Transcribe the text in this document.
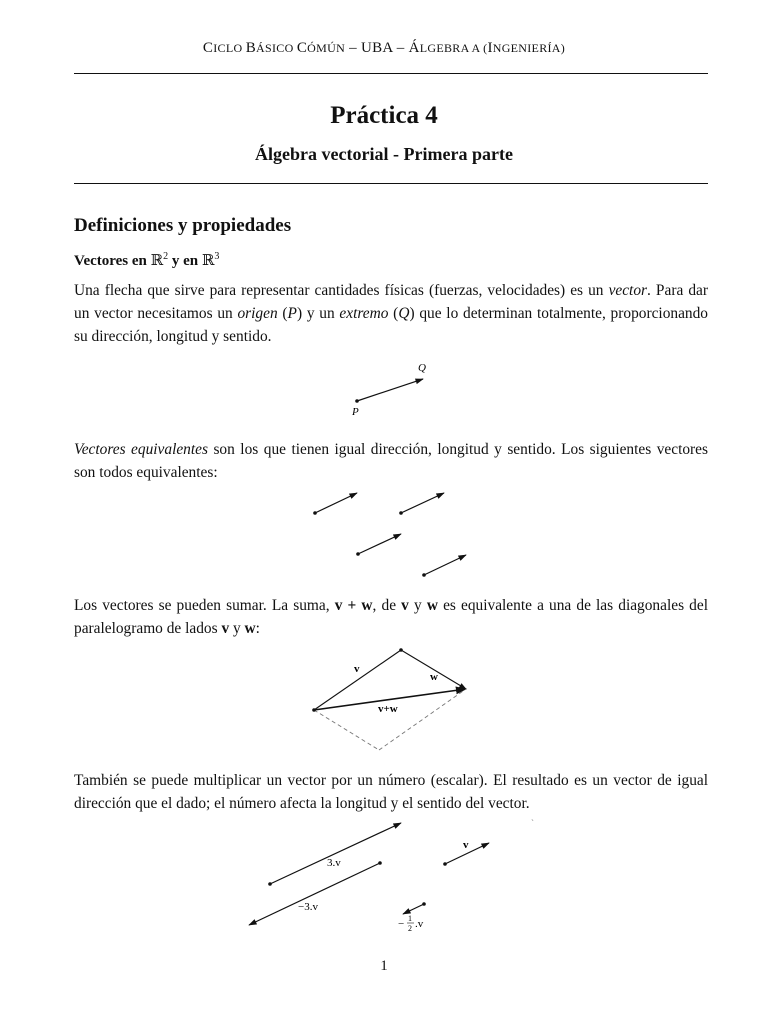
CICLO BÁSICO CÓMÚN – UBA – ÁLGEBRA A (INGENIERÍA)
Práctica 4
Álgebra vectorial - Primera parte
Definiciones y propiedades
Vectores en ℝ$^2$ y en ℝ$^3$
Una flecha que sirve para representar cantidades físicas (fuerzas, velocidades) es un vector. Para dar un vector necesitamos un origen (P) y un extremo (Q) que lo determinan totalmente, proporcionando su dirección, longitud y sentido.
Vectores equivalentes son los que tienen igual dirección, longitud y sentido. Los siguientes vectores son todos equivalentes:
Los vectores se pueden sumar. La suma, v + w, de v y w es equivalente a una de las diagonales del paralelogramo de lados v y w:
También se puede multiplicar un vector por un número (escalar). El resultado es un vector de igual dirección que el dado; el número afecta la longitud y el sentido del vector.
Q
P
v
w
v+w
3.v
−3.v
v
− 1
2 .v
`
1
